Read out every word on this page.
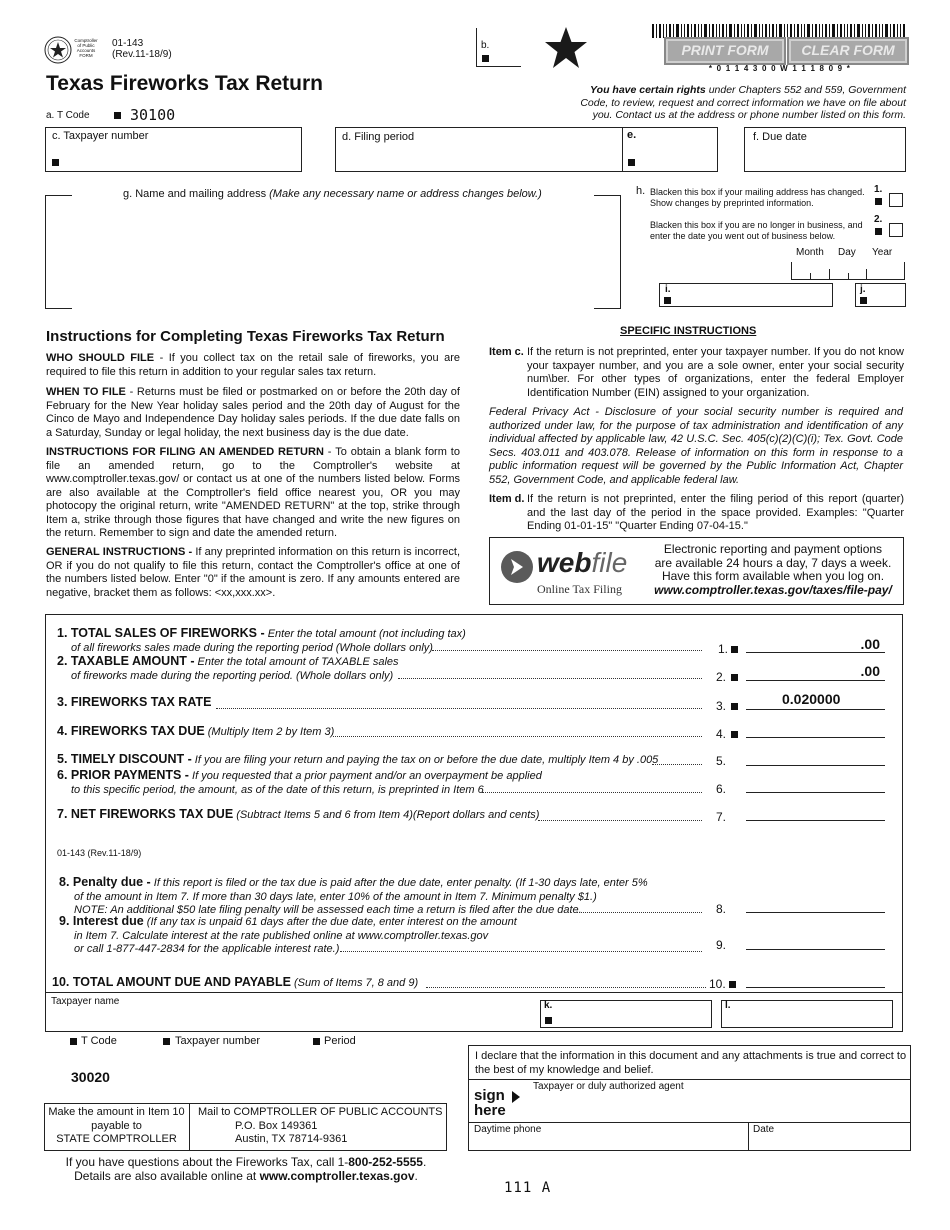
Comptroller of Public Accounts FORM
01-143
(Rev.11-18/9)
Texas Fireworks Tax Return
b.	PRINT FORM	CLEAR FORM
* 0 1 1 4 3 0 0 W 1 1 1 8 0 9 *
You have certain rights under Chapters 552 and 559, Government Code, to review, request and correct information we have on file about you. Contact us at the address or phone number listed on this form.
a. T Code	30100
c. Taxpayer number	d. Filing period	e.	f. Due date
g. Name and mailing address (Make any necessary name or address changes below.)	h. Blacken this box if your mailing address has changed. Show changes by preprinted information.
1.
Blacken this box if you are no longer in business, and enter the date you went out of business below.
2.
Month Day Year
i.	j.
Instructions for Completing Texas Fireworks Tax Return
WHO SHOULD FILE - If you collect tax on the retail sale of fireworks, you are required to file this return in addition to your regular sales tax return.
WHEN TO FILE - Returns must be filed or postmarked on or before the 20th day of February for the New Year holiday sales period and the 20th day of August for the Cinco de Mayo and Independence Day holiday sales periods. If the due date falls on a Saturday, Sunday or legal holiday, the next business day is the due date.
INSTRUCTIONS FOR FILING AN AMENDED RETURN - To obtain a blank form to file an amended return, go to the Comptroller's website at www.comptroller.texas.gov/ or contact us at one of the numbers listed below. Forms are also available at the Comptroller's field office nearest you, OR you may photocopy the original return, write "AMENDED RETURN" at the top, strike through Item a, strike through those figures that have changed and write the new figures on the return. Remember to sign and date the amended return.
GENERAL INSTRUCTIONS - If any preprinted information on this return is incorrect, OR if you do not qualify to file this return, contact the Comptroller's office at one of the numbers listed below. Enter "0" if the amount is zero. If any amounts entered are negative, bracket them as follows: <xx,xxx.xx>.
SPECIFIC INSTRUCTIONS
Item c. If the return is not preprinted, enter your taxpayer number. If you do not know your taxpayer number, and you are a sole owner, enter your social security num\ber. For other types of organizations, enter the federal Employer Identification Number (EIN) assigned to your organization.
Federal Privacy Act - Disclosure of your social security number is required and authorized under law, for the purpose of tax administration and identification of any individual affected by applicable law, 42 U.S.C. Sec. 405(c)(2)(C)(i); Tex. Govt. Code Secs. 403.011 and 403.078. Release of information on this form in response to a public information request will be governed by the Public Information Act, Chapter 552, Government Code, and applicable federal law.
Item d. If the return is not preprinted, enter the filing period of this report (quarter) and the last day of the period in the space provided. Examples: "Quarter Ending 01-01-15" "Quarter Ending 07-04-15."
webfile
Online Tax Filing
Electronic reporting and payment options
are available 24 hours a day, 7 days a week.
Have this form available when you log on.
www.comptroller.texas.gov/taxes/file-pay/
1. TOTAL SALES OF FIREWORKS - Enter the total amount (not including tax)
of all fireworks sales made during the reporting period (Whole dollars only)	1.	.00
2. TAXABLE AMOUNT - Enter the total amount of TAXABLE sales
of fireworks made during the reporting period. (Whole dollars only)	2.	.00
3. FIREWORKS TAX RATE	3.	0.020000
4. FIREWORKS TAX DUE (Multiply Item 2 by Item 3)	4.
5. TIMELY DISCOUNT - If you are filing your return and paying the tax on or before the due date, multiply Item 4 by .005	5.
6. PRIOR PAYMENTS - If you requested that a prior payment and/or an overpayment be applied
to this specific period, the amount, as of the date of this return, is preprinted in Item 6	6.
7. NET FIREWORKS TAX DUE (Subtract Items 5 and 6 from Item 4)(Report dollars and cents)	7.
01-143 (Rev.11-18/9)
8. Penalty due - If this report is filed or the tax due is paid after the due date, enter penalty. (If 1-30 days late, enter 5%
of the amount in Item 7. If more than 30 days late, enter 10% of the amount in Item 7. Minimum penalty $1.)
NOTE: An additional $50 late filing penalty will be assessed each time a return is filed after the due date.	8.
9. Interest due (If any tax is unpaid 61 days after the due date, enter interest on the amount
in Item 7. Calculate interest at the rate published online at www.comptroller.texas.gov
or call 1-877-447-2834 for the applicable interest rate.)	9.
10. TOTAL AMOUNT DUE AND PAYABLE (Sum of Items 7, 8 and 9)	10.
Taxpayer name	k.	l.
T Code	Taxpayer number	Period
30020
Make the amount in Item 10
payable to
STATE COMPTROLLER
Mail to COMPTROLLER OF PUBLIC ACCOUNTS
P.O. Box 149361
Austin, TX 78714-9361
If you have questions about the Fireworks Tax, call 1-800-252-5555.
Details are also available online at www.comptroller.texas.gov.
I declare that the information in this document and any attachments is true and correct to the best of my knowledge and belief.
sign
here
Taxpayer or duly authorized agent
Daytime phone	Date
111 A
